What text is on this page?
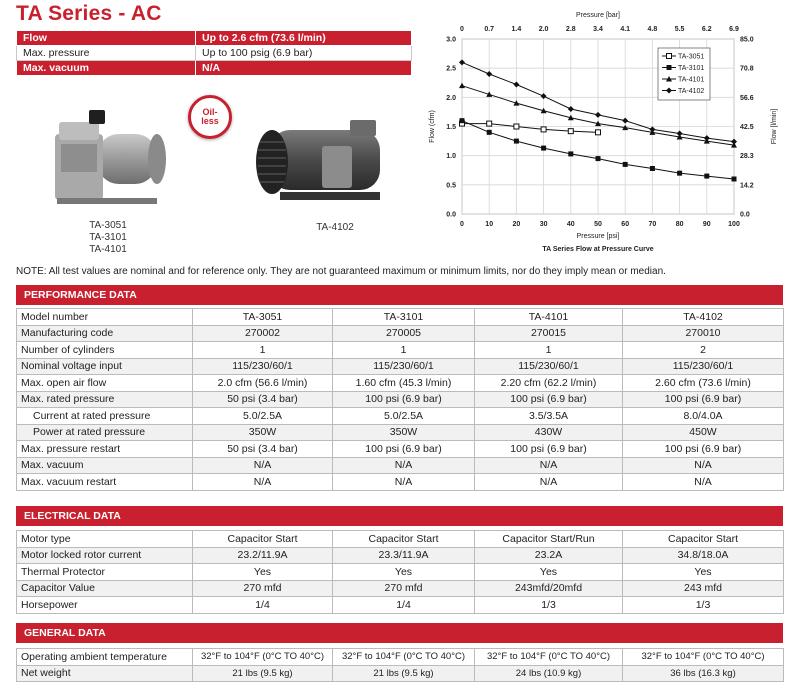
TA Series - AC
Flow	Up to 2.6 cfm (73.6 l/min)
Max. pressure	Up to 100 psig (6.9 bar)
Max. vacuum	N/A
TA-3051
TA-3101
TA-4101
Oil-
less
TA-4102	0
0
10
0.7
20
1.4
30
2.0
40
2.8
50
3.4
60
4.1
70
4.8
80
5.5
90
6.2
100
6.9
0.0	0.0
0.5	14.2
1.0	28.3
1.5	42.5
2.0	56.6
2.5	70.8
3.0	85.0
Pressure [bar]
Pressure [psi]
TA Series Flow at Pressure Curve
Flow (cfm)	Flow [l/min]
TA-3051
TA-3101
TA-4101
TA-4102
NOTE: All test values are nominal and for reference only. They are not guaranteed maximum or minimum limits, nor do they imply mean or median.
PERFORMANCE DATA
Model number	TA-3051	TA-3101	TA-4101	TA-4102
Manufacturing code	270002	270005	270015	270010
Number of cylinders	1	1	1	2
Nominal voltage input	115/230/60/1	115/230/60/1	115/230/60/1	115/230/60/1
Max. open air flow	2.0 cfm (56.6 l/min)	1.60 cfm (45.3 l/min)	2.20 cfm (62.2 l/min)	2.60 cfm (73.6 l/min)
Max. rated pressure	50 psi (3.4 bar)	100 psi (6.9 bar)	100 psi (6.9 bar)	100 psi (6.9 bar)
Current at rated pressure	5.0/2.5A	5.0/2.5A	3.5/3.5A	8.0/4.0A
Power at rated pressure	350W	350W	430W	450W
Max. pressure restart	50 psi (3.4 bar)	100 psi (6.9 bar)	100 psi (6.9 bar)	100 psi (6.9 bar)
Max. vacuum	N/A	N/A	N/A	N/A
Max. vacuum restart	N/A	N/A	N/A	N/A
ELECTRICAL DATA
Motor type	Capacitor Start	Capacitor Start	Capacitor Start/Run	Capacitor Start
Motor locked rotor current	23.2/11.9A	23.3/11.9A	23.2A	34.8/18.0A
Thermal Protector	Yes	Yes	Yes	Yes
Capacitor Value	270 mfd	270 mfd	243mfd/20mfd	243 mfd
Horsepower	1/4	1/4	1/3	1/3
GENERAL DATA
Operating ambient temperature	32°F to 104°F (0°C TO 40°C)	32°F to 104°F (0°C TO 40°C)	32°F to 104°F (0°C TO 40°C)	32°F to 104°F (0°C TO 40°C)
Net weight	21 lbs (9.5 kg)	21 lbs (9.5 kg)	24 lbs (10.9 kg)	36 lbs (16.3 kg)
